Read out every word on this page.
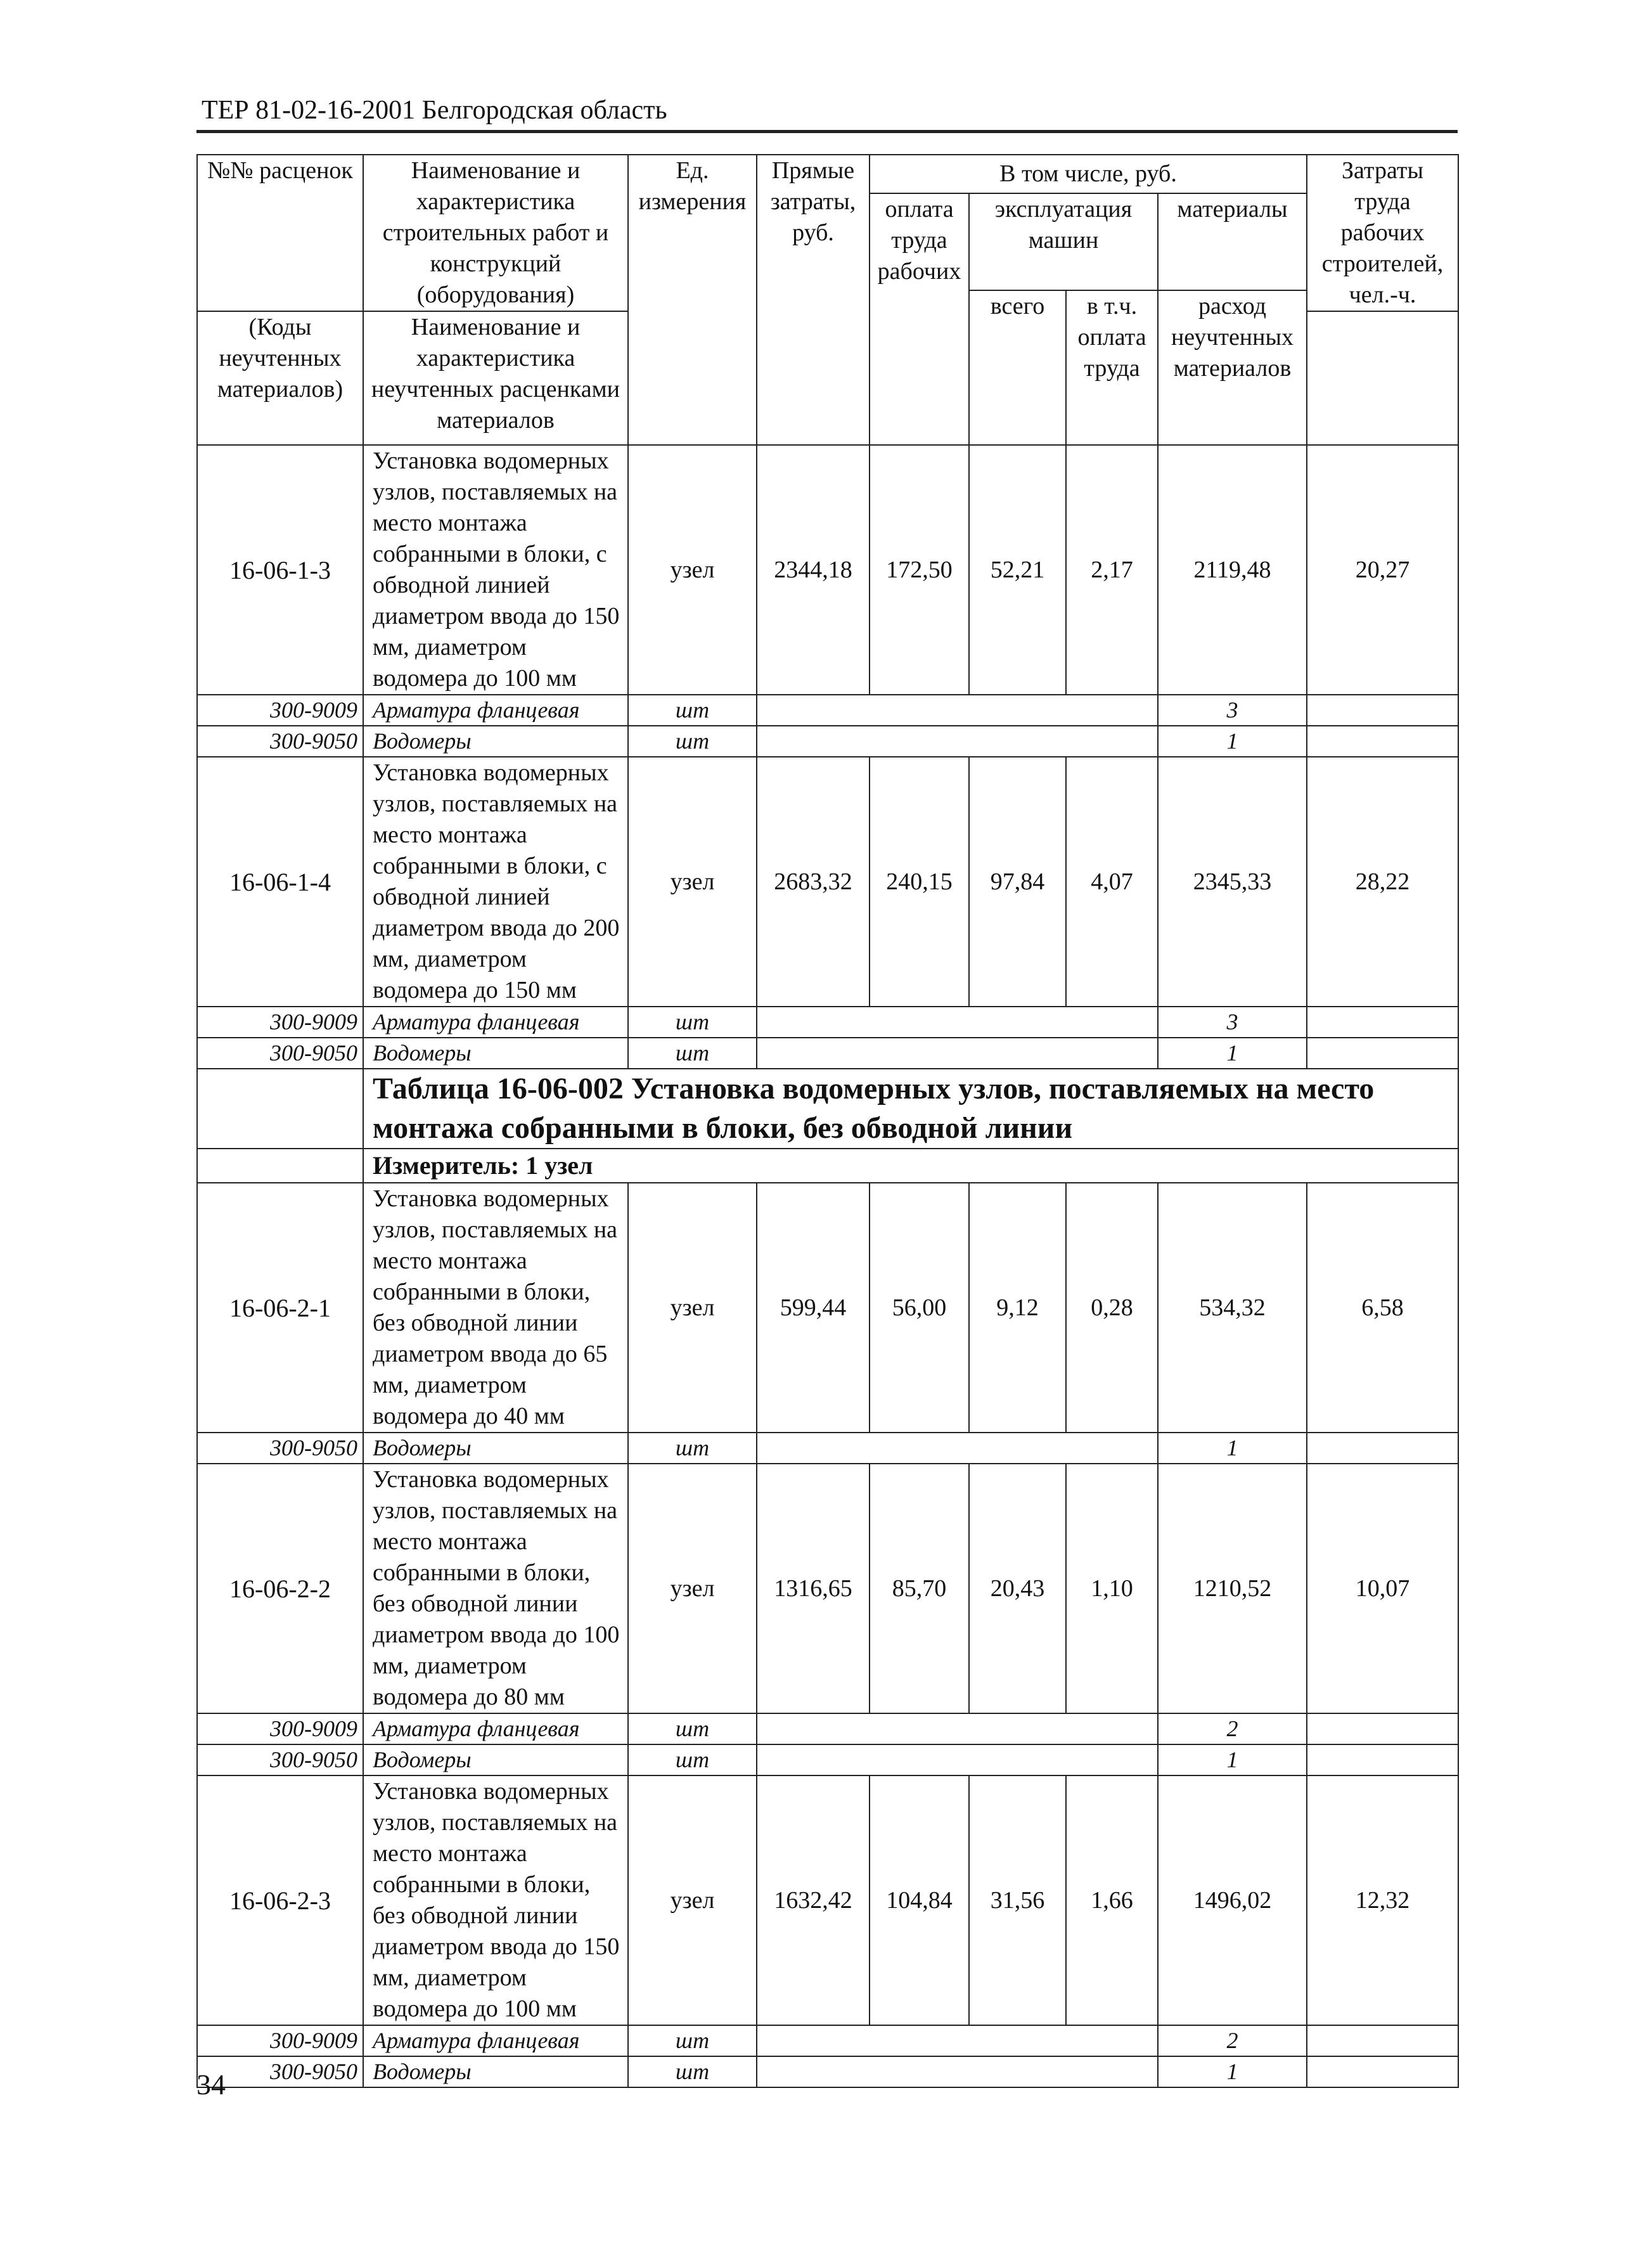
ТЕР 81-02-16-2001 Белгородская область
№№ расценок	Наименование и характеристика строительных работ и конструкций (оборудования)	Ед. измерения	Прямые затраты, руб.	В том числе, руб.				Затраты труда рабочих строителей, чел.-ч.
				оплата труда рабочих	эксплуатация машин		материалы	
					всего	в т.ч. оплата труда	расход неучтенных материалов	
(Коды неучтенных материалов)	Наименование и характеристика неучтенных расценками материалов							
16-06-1-3	Установка водомерных узлов, поставляемых на место монтажа собранными в блоки, с обводной линией диаметром ввода до 150 мм, диаметром водомера до 100 мм	узел	2344,18	172,50	52,21	2,17	2119,48	20,27
300-9009	Арматура фланцевая	шт					3	
300-9050	Водомеры	шт					1	
16-06-1-4	Установка водомерных узлов, поставляемых на место монтажа собранными в блоки, с обводной линией диаметром ввода до 200 мм, диаметром водомера до 150 мм	узел	2683,32	240,15	97,84	4,07	2345,33	28,22
300-9009	Арматура фланцевая	шт					3	
300-9050	Водомеры	шт					1	
	Таблица 16-06-002 Установка водомерных узлов, поставляемых на место монтажа собранными в блоки, без обводной линии							
	Измеритель: 1 узел							
16-06-2-1	Установка водомерных узлов, поставляемых на место монтажа собранными в блоки, без обводной линии диаметром ввода до 65 мм, диаметром водомера до 40 мм	узел	599,44	56,00	9,12	0,28	534,32	6,58
300-9050	Водомеры	шт					1	
16-06-2-2	Установка водомерных узлов, поставляемых на место монтажа собранными в блоки, без обводной линии диаметром ввода до 100 мм, диаметром водомера до 80 мм	узел	1316,65	85,70	20,43	1,10	1210,52	10,07
300-9009	Арматура фланцевая	шт					2	
300-9050	Водомеры	шт					1	
16-06-2-3	Установка водомерных узлов, поставляемых на место монтажа собранными в блоки, без обводной линии диаметром ввода до 150 мм, диаметром водомера до 100 мм	узел	1632,42	104,84	31,56	1,66	1496,02	12,32
300-9009	Арматура фланцевая	шт					2	
300-9050	Водомеры	шт					1	
34
